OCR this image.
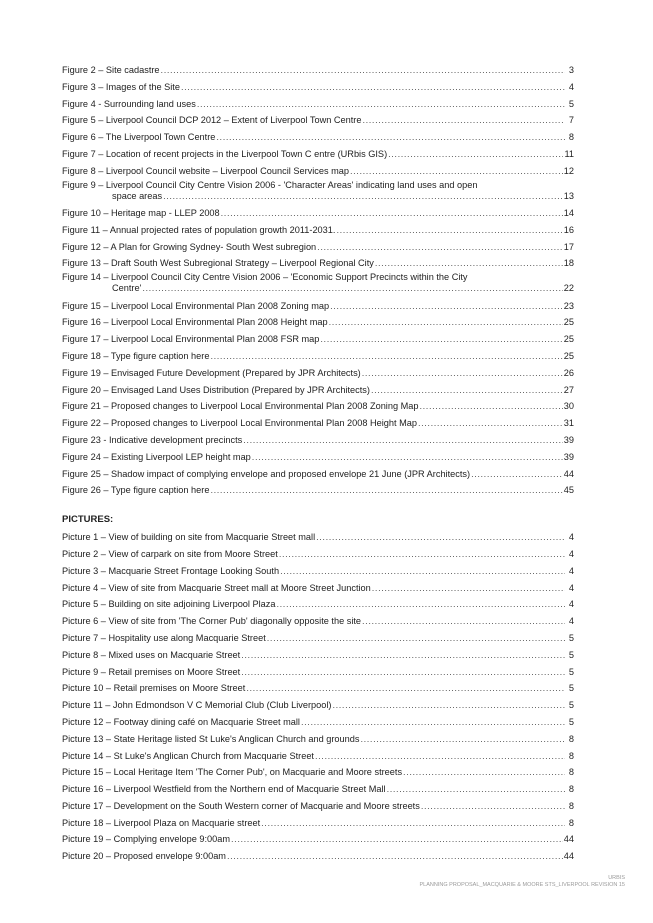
Figure 2 – Site cadastre .....	3
Figure 3 – Images of the Site .....	4
Figure 4 - Surrounding land uses .....	5
Figure 5 – Liverpool Council DCP 2012 – Extent of Liverpool Town Centre .....	7
Figure 6 – The Liverpool Town Centre .....	8
Figure 7 – Location of recent projects in the Liverpool Town C entre (URbis GIS) .....	11
Figure 8 – Liverpool Council website – Liverpool Council Services map .....	12
Figure 9 – Liverpool Council City Centre Vision 2006 - 'Character Areas' indicating land uses and open
space areas .....	13
Figure 10 – Heritage map - LLEP 2008 .....	14
Figure 11 – Annual projected rates of population growth 2011-2031. .....	16
Figure 12 – A Plan for Growing Sydney- South West subregion .....	17
Figure 13 – Draft South West Subregional Strategy – Liverpool Regional City .....	18
Figure 14 – Liverpool Council City Centre Vision 2006 – 'Economic Support Precincts within the City
Centre' .....	22
Figure 15 – Liverpool Local Environmental Plan 2008 Zoning map .....	23
Figure 16 – Liverpool Local Environmental Plan 2008 Height map .....	25
Figure 17 – Liverpool Local Environmental Plan 2008 FSR map .....	25
Figure 18 – Type figure caption here .....	25
Figure 19 – Envisaged Future Development (Prepared by JPR Architects) .....	26
Figure 20 – Envisaged Land Uses Distribution (Prepared by JPR Architects) .....	27
Figure 21 – Proposed changes to Liverpool Local Environmental Plan 2008 Zoning Map .....	30
Figure 22 – Proposed changes to Liverpool Local Environmental Plan 2008 Height Map .....	31
Figure 23 - Indicative development precincts .....	39
Figure 24 – Existing Liverpool LEP height map .....	39
Figure 25 – Shadow impact of complying envelope and proposed envelope 21 June (JPR Architects) .....	44
Figure 26 – Type figure caption here .....	45
PICTURES:
Picture 1 – View of building on site from Macquarie Street mall .....	4
Picture 2 – View of carpark on site from Moore Street .....	4
Picture 3 – Macquarie Street Frontage Looking South .....	4
Picture 4 – View of site from Macquarie Street mall at Moore Street Junction .....	4
Picture 5 – Building on site adjoining Liverpool Plaza .....	4
Picture 6 – View of site from 'The Corner Pub' diagonally opposite the site .....	4
Picture 7 – Hospitality use along Macquarie Street .....	5
Picture 8 – Mixed uses on Macquarie Street .....	5
Picture 9 – Retail premises on Moore Street .....	5
Picture 10 – Retail premises on Moore Street .....	5
Picture 11 – John Edmondson V C Memorial Club (Club Liverpool) .....	5
Picture 12 – Footway dining café on Macquarie Street mall .....	5
Picture 13 – State Heritage listed St Luke's Anglican Church and grounds .....	8
Picture 14 – St Luke's Anglican Church from Macquarie Street .....	8
Picture 15 – Local Heritage Item 'The Corner Pub', on Macquarie and Moore streets .....	8
Picture 16 – Liverpool Westfield from the Northern end of Macquarie Street Mall .....	8
Picture 17 – Development on the South Western corner of Macquarie and Moore streets .....	8
Picture 18 – Liverpool Plaza on Macquarie street .....	8
Picture 19 – Complying envelope 9:00am .....	44
Picture 20 – Proposed envelope 9:00am .....	44
URBIS
PLANNING PROPOSAL_MACQUARIE & MOORE STS_LIVERPOOL REVISION 15
